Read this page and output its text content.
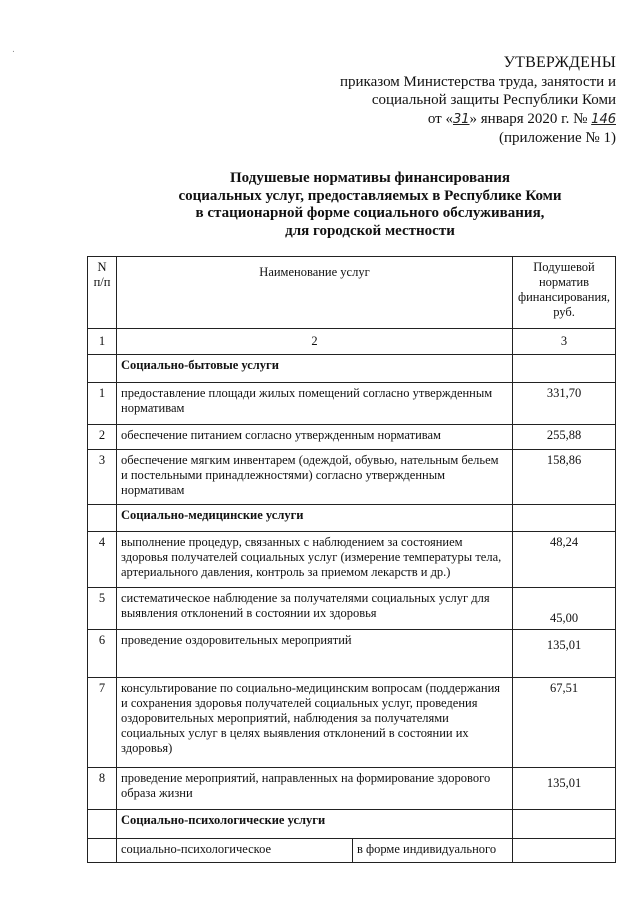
.
УТВЕРЖДЕНЫ
приказом Министерства труда, занятости и
социальной защиты Республики Коми
от «31» января 2020 г. № 146
(приложение № 1)
Подушевые нормативы финансирования
социальных услуг, предоставляемых в Республике Коми
в стационарной форме социального обслуживания,
для городской местности
N
п/п	Наименование услуг		Подушевой норматив финансирования, руб.
1	2		3
	Социально-бытовые услуги		
1	предоставление площади жилых помещений согласно утвержденным нормативам		331,70
2	обеспечение питанием согласно утвержденным нормативам		255,88
3	обеспечение мягким инвентарем (одеждой, обувью, нательным бельем и постельными принадлежностями) согласно утвержденным нормативам		158,86
	Социально-медицинские услуги		
4	выполнение процедур, связанных с наблюдением за состоянием здоровья получателей социальных услуг (измерение температуры тела, артериального давления, контроль за приемом лекарств и др.)		48,24
5	систематическое наблюдение за получателями социальных услуг для выявления отклонений в состоянии их здоровья		45,00
6	проведение оздоровительных мероприятий		135,01
7	консультирование по социально-медицинским вопросам (поддержания и сохранения здоровья получателей социальных услуг, проведения оздоровительных мероприятий, наблюдения за получателями социальных услуг в целях выявления отклонений в состоянии их здоровья)		67,51
8	проведение мероприятий, направленных на формирование здорового образа жизни		135,01
	Социально-психологические услуги		
	социально-психологическое	в форме индивидуального	
